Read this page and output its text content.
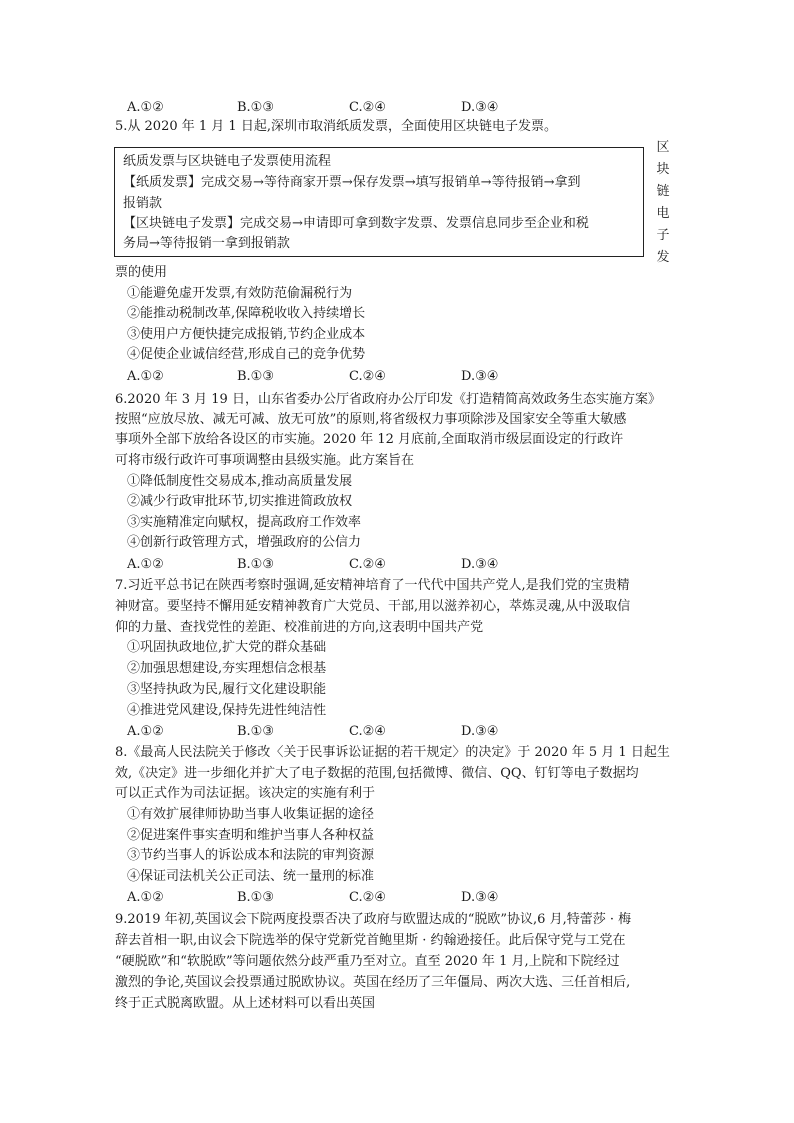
A.①②	B.①③	C.②④	D.③④
5.从 2020 年 1 月 1 日起,深圳市取消纸质发票，全面使用区块链电子发票。
纸质发票与区块链电子发票使用流程
【纸质发票】完成交易→等待商家开票→保存发票→填写报销单→等待报销→拿到
报销款
【区块链电子发票】完成交易→申请即可拿到数字发票、发票信息同步至企业和税
务局→等待报销一拿到报销款
区
块
链
电
子
发
票的使用
①能避免虚开发票,有效防范偷漏税行为
②能推动税制改革,保障税收收入持续增长
③使用户方便快捷完成报销,节约企业成本
④促使企业诚信经营,形成自己的竞争优势
A.①②	B.①③	C.②④	D.③④
6.2020 年 3 月 19 日，山东省委办公厅省政府办公厅印发《打造精简高效政务生态实施方案》
按照“应放尽放、减无可减、放无可放”的原则,将省级权力事项除涉及国家安全等重大敏感
事项外全部下放给各设区的市实施。2020 年 12 月底前,全面取消市级层面设定的行政许
可将市级行政许可事项调整由县级实施。此方案旨在
①降低制度性交易成本,推动高质量发展
②减少行政审批环节,切实推进简政放权
③实施精准定向赋权，提高政府工作效率
④创新行政管理方式，增强政府的公信力
A.①②	B.①③	C.②④	D.③④
7.习近平总书记在陕西考察时强调,延安精神培育了一代代中国共产党人,是我们党的宝贵精
神财富。要坚持不懈用延安精神教育广大党员、干部,用以滋养初心，萃炼灵魂,从中汲取信
仰的力量、查找党性的差距、校准前进的方向,这表明中国共产党
①巩固执政地位,扩大党的群众基础
②加强思想建设,夯实理想信念根基
③坚持执政为民,履行文化建设职能
④推进党风建设,保持先进性纯洁性
A.①②	B.①③	C.②④	D.③④
8.《最高人民法院关于修改〈关于民事诉讼证据的若干规定〉的决定》于 2020 年 5 月 1 日起生
效,《决定》进一步细化并扩大了电子数据的范围,包括微博、微信、QQ、钉钉等电子数据均
可以正式作为司法证据。该决定的实施有利于
①有效扩展律师协助当事人收集证据的途径
②促进案件事实查明和维护当事人各种权益
③节约当事人的诉讼成本和法院的审判资源
④保证司法机关公正司法、统一量刑的标准
A.①②	B.①③	C.②④	D.③④
9.2019 年初,英国议会下院两度投票否决了政府与欧盟达成的“脱欧”协议,6 月,特蕾莎 · 梅
辞去首相一职,由议会下院选举的保守党新党首鲍里斯 · 约翰逊接任。此后保守党与工党在
“硬脱欧”和“软脱欧”等问题依然分歧严重乃至对立。直至 2020 年 1 月,上院和下院经过
激烈的争论,英国议会投票通过脱欧协议。英国在经历了三年僵局、两次大选、三任首相后,
终于正式脱离欧盟。从上述材料可以看出英国
